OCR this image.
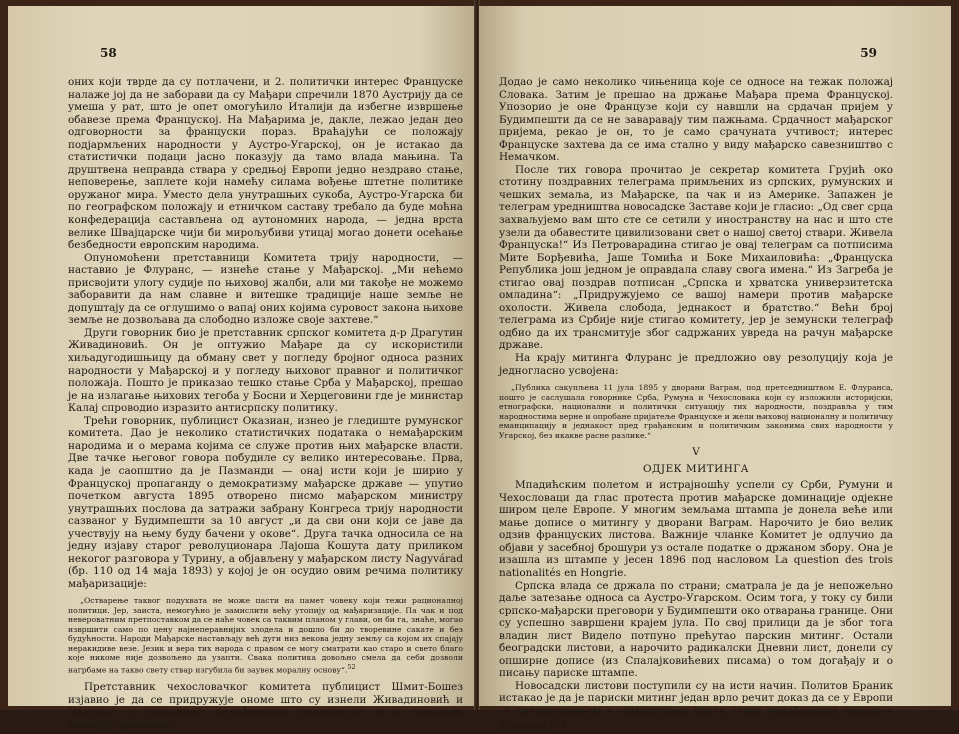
58

оних који тврде да су потлачени, и 2. политички интерес Француске налаже јој да не заборави да су Мађари спречили 1870 Аустрију да се умеша у рат, што је опет омогућило Италији да избегне извршење обавезе према Француској. На Мађарима је, дакле, лежао један део одговорности за француски пораз. Враћајући се положају подјармљених народности у Аустро-Угарској, он је истакао да статистички подаци јасно показују да тамо влада мањина. Та друштвена неправда ствара у средњој Европи једно нездраво стање, неповерење, заплете који намећу силама вођење штетне политике оружаног мира. Уместо дела унутрашњих сукоба, Аустро-Угарска би по географском положају и етничком саставу требало да буде моћна конфедерација састављена од аутономних народа, — једна врста велике Швајцарске чији би мирољубиви утицај могао донети осећање безбедности европским народима.

Опуномоћени претставници Комитета трију народности, — наставио је Флуранс, — изнеће стање у Мађарској. „Ми нећемо присвојити улогу судије по њиховој жалби, али ми такође не можемо заборавити да нам славне и витешке традиције наше земље не допуштају да се оглушимо о вапај оних којима суровост закона њихове земље не дозвољава да слободно изложе своје захтеве.“

Други говорник био је претставник српског комитета д-р Драгутин Живадиновић. Он је оптужио Мађаре да су искористили хиљадугодишњицу да обману свет у погледу бројног односа разних народности у Мађарској и у погледу њиховог правног и политичког положаја. Пошто је приказао тешко стање Срба у Мађарској, прешао је на излагање њихових тегоба у Босни и Херцеговини где је министар Калај спроводио изразито антисрпску политику.

Трећи говорник, публицист Оказиан, изнео је гледиште румунског комитета. Дао је неколико статистичких података о немађарским народима и о мерама којима се служе против њих мађарске власти. Две тачке његовог говора побудиле су велико интересовање. Прва, када је саопштио да је Пазманди — онај исти који је ширио у Француској пропаганду о демократизму мађарске државе — упутио почетком августа 1895 отворено писмо мађарском министру унутрашњих послова да затражи забрану Конгреса трију народности сазваног у Будимпешти за 10 август „и да сви они који се јаве да учествују на њему буду бачени у окове“. Друга тачка односила се на једну изјаву старог револуционара Лајоша Кошута дату приликом некогог разговора у Турину, а објављену у мађарском листу Nagyvárad (бр. 110 од 14 маја 1893) у којој је он осудио овим речима политику мађаризације:

„Остварење таквог подухвата не може пасти на памет човеку који тежи рационалној политици. Јер, заиста, немогућно је замислити већу утопију од мађаризације. Па чак и под невероватним претпоставком да се наће човек са таквим планом у глави, он би га, знаће, могао извршити само по цену најнеперавнијих злодела и дошло би до творевине сакате и без будућности. Народи Мађарске настављају већ дуги низ векова једну земљу са којом их спајају неракидиве везе. Језик и вера тих народа с правом се могу сматрати као старо и свето благо које никоме није дозвољено да узапти. Свака политика довољно смела да себи дозволи нагрбаме на такво свету ствар изгубила би заувек моралну основу“.$^{52}$

Претставник чехословачког комитета публицист Шмит-Бошез изјавио је да се придружује ономе што су изнели Живадиновић и Оказиан о прогонима немађарских народности и о прослави хиљадугодишњице,

59

Додао је само неколико чињеница које се односе на тежак положај Словака. Затим је прешао на држање Мађара према Француској. Упозорио је оне Французе који су навшли на срдачан пријем у Будимпешти да се не заваравају тим пажњама. Срдачност мађарског пријема, рекао је он, то је само срачуната учтивост; интерес Француске захтева да се има стално у виду мађарско савезништво с Немачком.

После тих говора прочитао је секретар комитета Грујић око стотину поздравних телеграма примљених из српских, румунских и чешких земаља, из Мађарске, па чак и из Америке. Запажен је телеграм уредништва новосадске Заставе који је гласио: „Од свег срца захваљујемо вам што сте се сетили у иностранству на нас и што сте узели да обавестите цивилизовани свет о нашој светој ствари. Живела Француска!“ Из Петроварадина стигао је овај телеграм са потписима Мите Борђевића, Јаше Томића и Боке Михаиловића: „Француска Република још једном је оправдала славу свога имена.“ Из Загреба је стигао овај поздрав потписан „Српска и хрватска универзитетска омладина“: „Придружујемо се вашој намери против мађарске охолости. Живела слобода, једнакост и братство.“ Већи број телеграма из Србије није стигао комитету, јер је земунски телеграф одбио да их трансмитује због садржаних увреда на рачун мађарске државе.

На крају митинга Флуранс је предложио ову резолуцију која је једногласно усвојена:

„Публика сакупљена 11 јула 1895 у дворани Ваграм, под претседништвом Е. Флуранса, пошто је саслушала говорнике Срба, Румуна и Чехословака који су изложили историјски, етнографски, национални и политички ситуацију тих народности, поздравља у тим народностима верне и опробане пријатеље Француске и жели њиховој националну и политичку еманципацију и једнакост пред грађанским и политичким законима свих народности у Угарској, без икакве расне разлике.“

V
ОДЈЕК МИТИНГА

Мпадићским полетом и истрајношћу успели су Срби, Румуни и Чехословаци да глас протеста против мађарске доминације одјекне широм целе Европе. У многим земљама штампа је донела веће или мање дописе о митингу у дворани Ваграм. Нарочито је био велик одзив француских листова. Важније чланке Комитет је одлучио да објави у засебној брошури уз остале податке о држаном збору. Она је изашла из штампе у јесен 1896 под насловом La question des trois nationalités en Hongrie.

Српска влада се држала по страни; сматрала је да је непожељно даље затезање односа са Аустро-Угарском. Осим тога, у току су били српско-мађарски преговори у Будимпешти око отварања границе. Они су успешно завршени крајем јула. По свој прилици да је због тога владин лист Видело потпуно прећутао парскин митинг. Остали београдски листови, а нарочито радикалски Дневни лист, донели су опширне дописе (из Спалајковићевих писама) о том догађају и о писању париске штампе.

Новосадски листови поступили су на исти начин. Политов Браник истакао је да је париски митинг један врло речит доказ да се у Европи „с интересовањем и симпатијама прати ствар немађарских народа у Угарској.“$^{54}$
